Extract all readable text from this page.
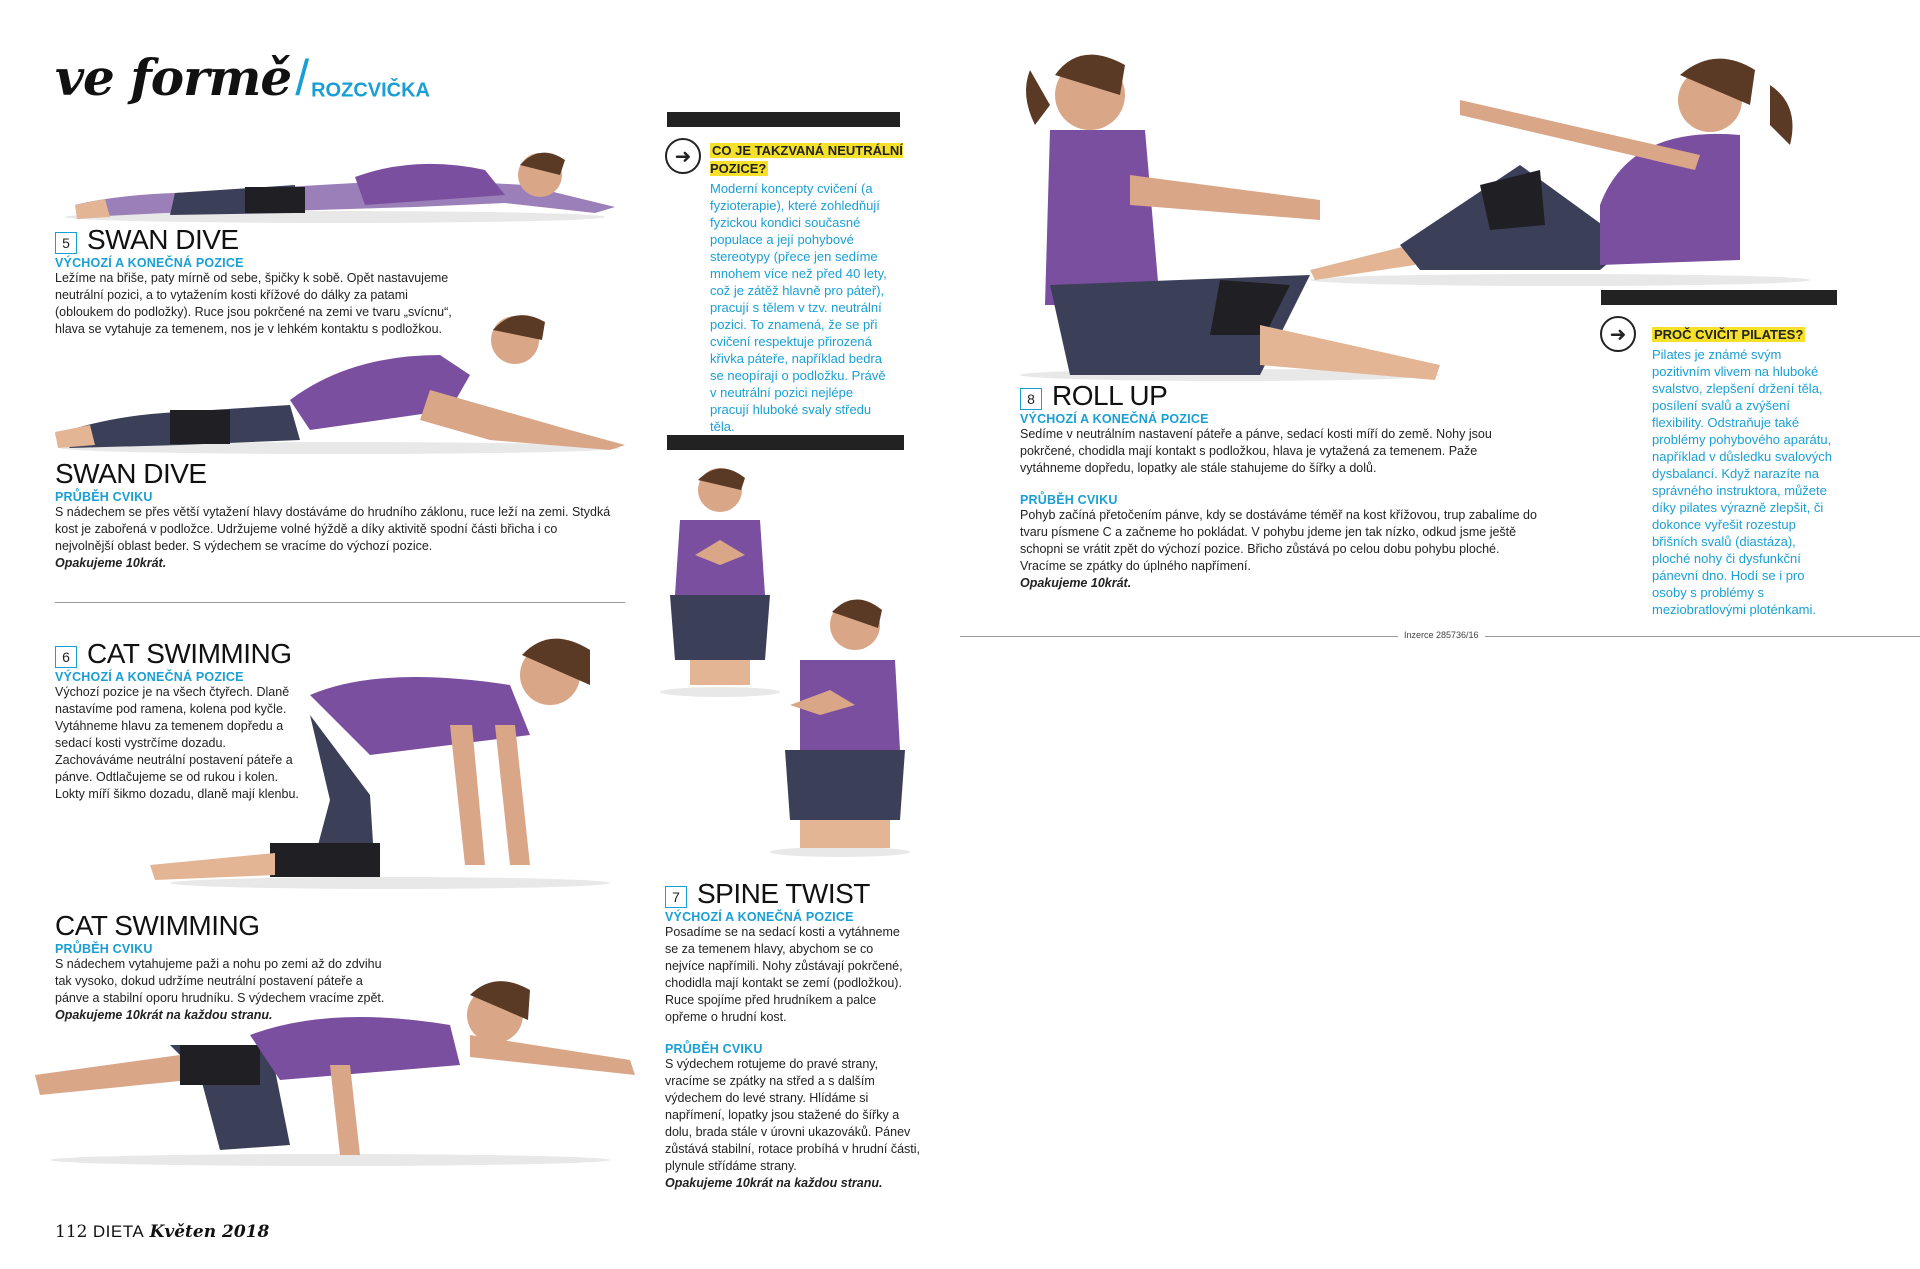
ve formě/ ROZCVIČKA
5 SWAN DIVE
VÝCHOZÍ A KONEČNÁ POZICE
Ležíme na břiše, paty mírně od sebe, špičky k sobě. Opět nastavujeme neutrální pozici, a to vytažením kosti křížové do dálky za patami (obloukem do podložky). Ruce jsou pokrčené na zemi ve tvaru „svícnu“, hlava se vytahuje za temenem, nos je v lehkém kontaktu s podložkou.
SWAN DIVE
PRŮBĚH CVIKU
S nádechem se přes větší vytažení hlavy dostáváme do hrudního záklonu, ruce leží na zemi. Stydká kost je zabořená v podložce. Udržujeme volné hýždě a díky aktivitě spodní části břicha i co nejvolnější oblast beder. S výdechem se vracíme do výchozí pozice.
Opakujeme 10krát.
6 CAT SWIMMING
VÝCHOZÍ A KONEČNÁ POZICE
Výchozí pozice je na všech čtyřech. Dlaně nastavíme pod ramena, kolena pod kyčle. Vytáhneme hlavu za temenem dopředu a sedací kosti vystrčíme dozadu. Zachováváme neutrální postavení páteře a pánve. Odtlačujeme se od rukou i kolen. Lokty míří šikmo dozadu, dlaně mají klenbu.
CAT SWIMMING
PRŮBĚH CVIKU
S nádechem vytahujeme paži a nohu po zemi až do zdvihu tak vysoko, dokud udržíme neutrální postavení páteře a pánve a stabilní oporu hrudníku. S výdechem vracíme zpět.
Opakujeme 10krát na každou stranu.
➜	CO JE TAKZVANÁ NEUTRÁLNÍ POZICE?
Moderní koncepty cvičení (a fyzioterapie), které zohledňují fyzickou kondici současné populace a její pohybové stereotypy (přece jen sedíme mnohem více než před 40 lety, což je zátěž hlavně pro páteř), pracují s tělem v tzv. neutrální pozici. To znamená, že se při cvičení respektuje přirozená křivka páteře, například bedra se neopírají o podložku. Právě v neutrální pozici nejlépe pracují hluboké svaly středu těla.
7 SPINE TWIST
VÝCHOZÍ A KONEČNÁ POZICE
Posadíme se na sedací kosti a vytáhneme se za temenem hlavy, abychom se co nejvíce napřímili. Nohy zůstávají pokrčené, chodidla mají kontakt se zemí (podložkou). Ruce spojíme před hrudníkem a palce opřeme o hrudní kost.
PRŮBĚH CVIKU
S výdechem rotujeme do pravé strany, vracíme se zpátky na střed a s dalším výdechem do levé strany. Hlídáme si napřímení, lopatky jsou stažené do šířky a dolu, brada stále v úrovni ukazováků. Pánev zůstává stabilní, rotace probíhá v hrudní části, plynule střídáme strany.
Opakujeme 10krát na každou stranu.
8 ROLL UP
VÝCHOZÍ A KONEČNÁ POZICE
Sedíme v neutrálním nastavení páteře a pánve, sedací kosti míří do země. Nohy jsou pokrčené, chodidla mají kontakt s podložkou, hlava je vytažená za temenem. Paže vytáhneme dopředu, lopatky ale stále stahujeme do šířky a dolů.
PRŮBĚH CVIKU
Pohyb začíná přetočením pánve, kdy se dostáváme téměř na kost křížovou, trup zabalíme do tvaru písmene C a začneme ho pokládat. V pohybu jdeme jen tak nízko, odkud jsme ještě schopni se vrátit zpět do výchozí pozice. Břicho zůstává po celou dobu pohybu ploché. Vracíme se zpátky do úplného napřímení.
Opakujeme 10krát.
➜	PROČ CVIČIT PILATES?
Pilates je známé svým pozitivním vlivem na hluboké svalstvo, zlepšení držení těla, posílení svalů a zvýšení flexibility. Odstraňuje také problémy pohybového aparátu, například v důsledku svalových dysbalancí. Když narazíte na správného instruktora, můžete díky pilates výrazně zlepšit, či dokonce vyřešit rozestup břišních svalů (diastáza), ploché nohy či dysfunkční pánevní dno. Hodí se i pro osoby s problémy s meziobratlovými ploténkami.
Inzerce 285736/16
112 DIETA Květen 2018
